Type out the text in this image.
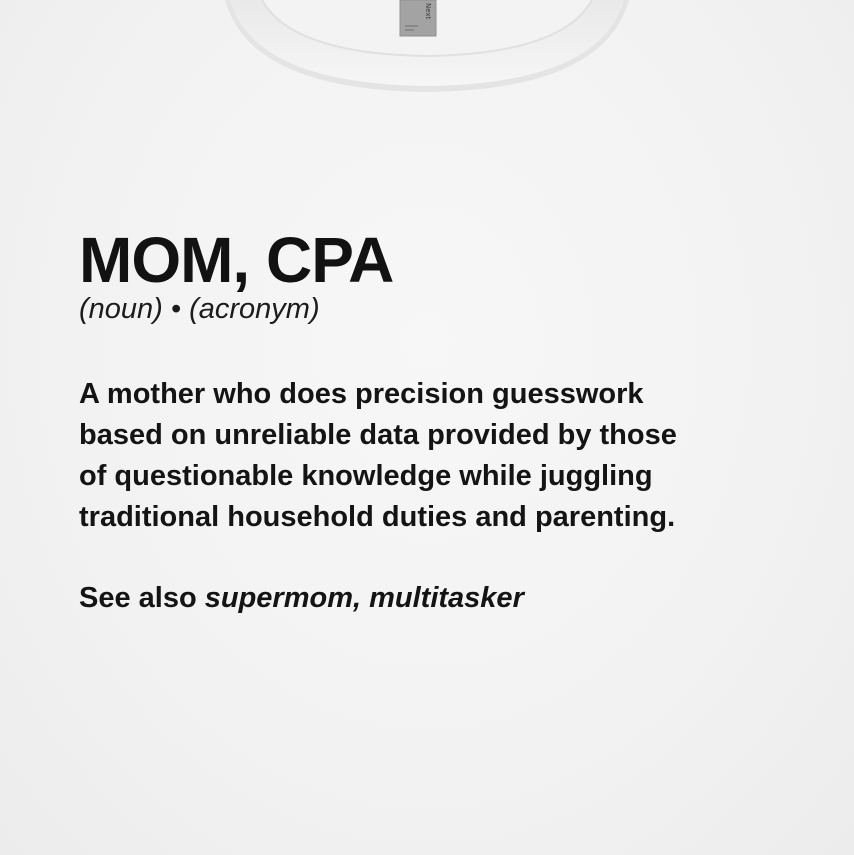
Next
MOM, CPA
(noun) • (acronym)
A mother who does precision guesswork
based on unreliable data provided by those
of questionable knowledge while juggling
traditional household duties and parenting.
See also supermom, multitasker
